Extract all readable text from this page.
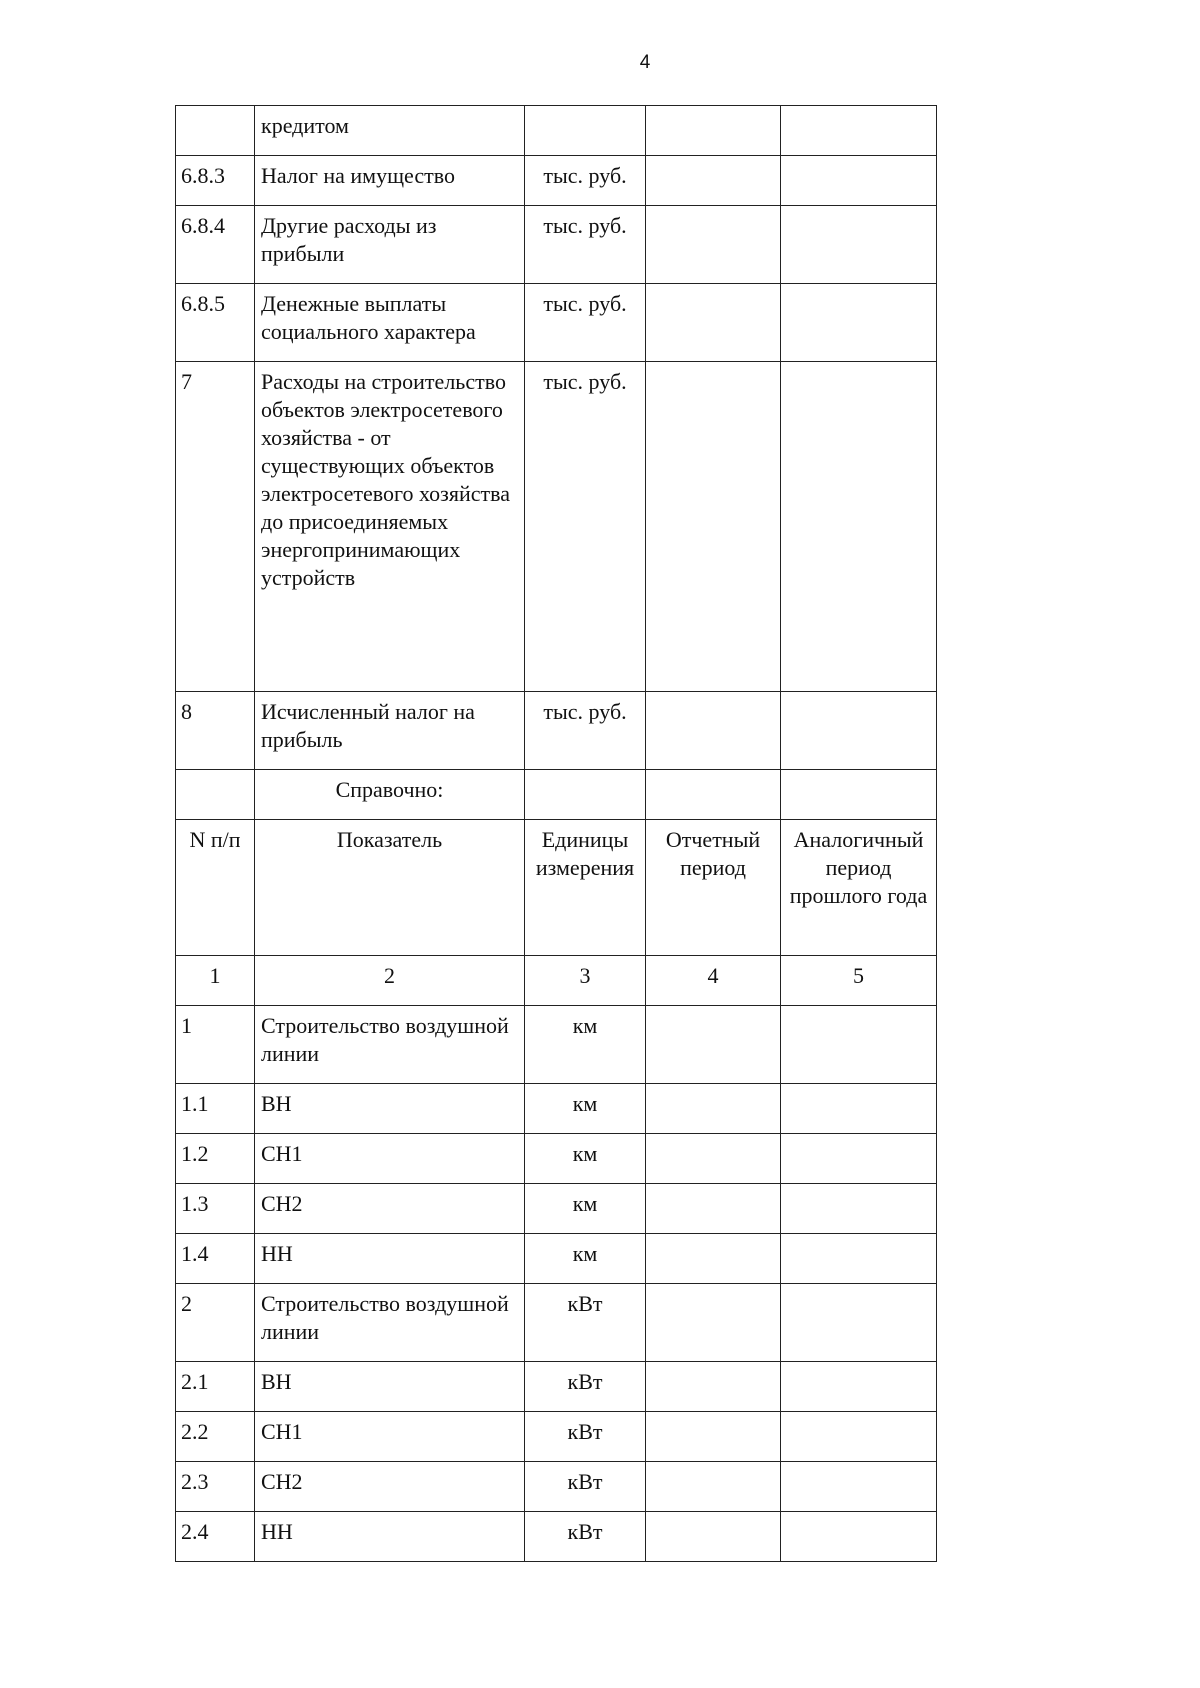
4
	кредитом			
6.8.3	Налог на имущество	тыс. руб.		
6.8.4	Другие расходы из прибыли	тыс. руб.		
6.8.5	Денежные выплаты социального характера	тыс. руб.		
7	Расходы на строительство объектов электросетевого хозяйства - от существующих объектов электросетевого хозяйства до присоединяемых энергопринимающих устройств	тыс. руб.		
8	Исчисленный налог на прибыль	тыс. руб.		
	Справочно:			
N п/п	Показатель	Единицы измерения	Отчетный период	Аналогичный период прошлого года
1	2	3	4	5
1	Строительство воздушной линии	км		
1.1	ВН	км		
1.2	СН1	км		
1.3	СН2	км		
1.4	НН	км		
2	Строительство воздушной линии	кВт		
2.1	ВН	кВт		
2.2	СН1	кВт		
2.3	СН2	кВт		
2.4	НН	кВт		
